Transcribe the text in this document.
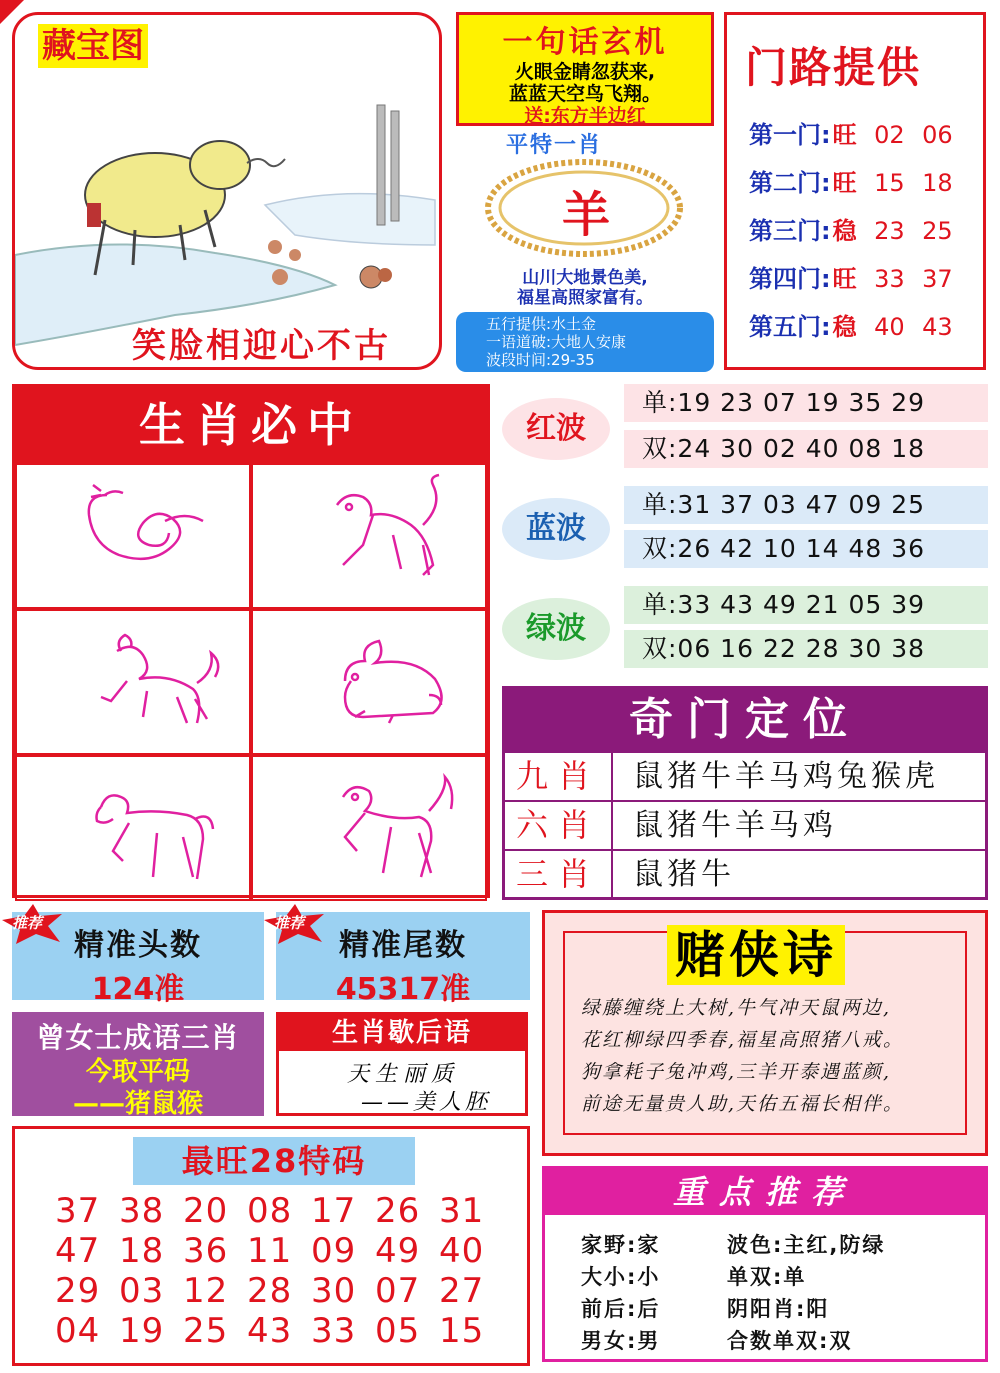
藏宝图
笑脸相迎心不古
一句话玄机
火眼金睛忽获来,
蓝蓝天空鸟飞翔。
送:东方半边红
平特一肖
羊
山川大地景色美,
福星高照家富有。
五行提供:水土金
一语道破:大地人安康
波段时间:29-35
门路提供
第一门:旺 02 06
第二门:旺 15 18
第三门:稳 23 25
第四门:旺 33 37
第五门:稳 40 43
生肖必中	红波
单:19 23 07 19 35 29
双:24 30 02 40 08 18
蓝波
单:31 37 03 47 09 25
双:26 42 10 14 48 36
绿波
单:33 43 49 21 05 39
双:06 16 22 28 30 38
奇门定位
九肖	鼠猪牛羊马鸡兔猴虎
六肖	鼠猪牛羊马鸡
三肖	鼠猪牛
精准头数
124准
推荐
精准尾数
45317准
推荐
曾女士成语三肖
今取平码
——猪鼠猴
生肖歇后语
天生丽质
——美人胚
最旺28特码
37 38 20 08 17 26 31
47 18 36 11 09 49 40
29 03 12 28 30 07 27
04 19 25 43 33 05 15
赌侠诗
绿藤缠绕上大树,牛气冲天鼠两边,
花红柳绿四季春,福星高照猪八戒。
狗拿耗子兔冲鸡,三羊开泰遇蓝颜,
前途无量贵人助,天佑五福长相伴。
重点推荐
家野:家	波色:主红,防绿
大小:小	单双:单
前后:后	阴阳肖:阳
男女:男	合数单双:双
